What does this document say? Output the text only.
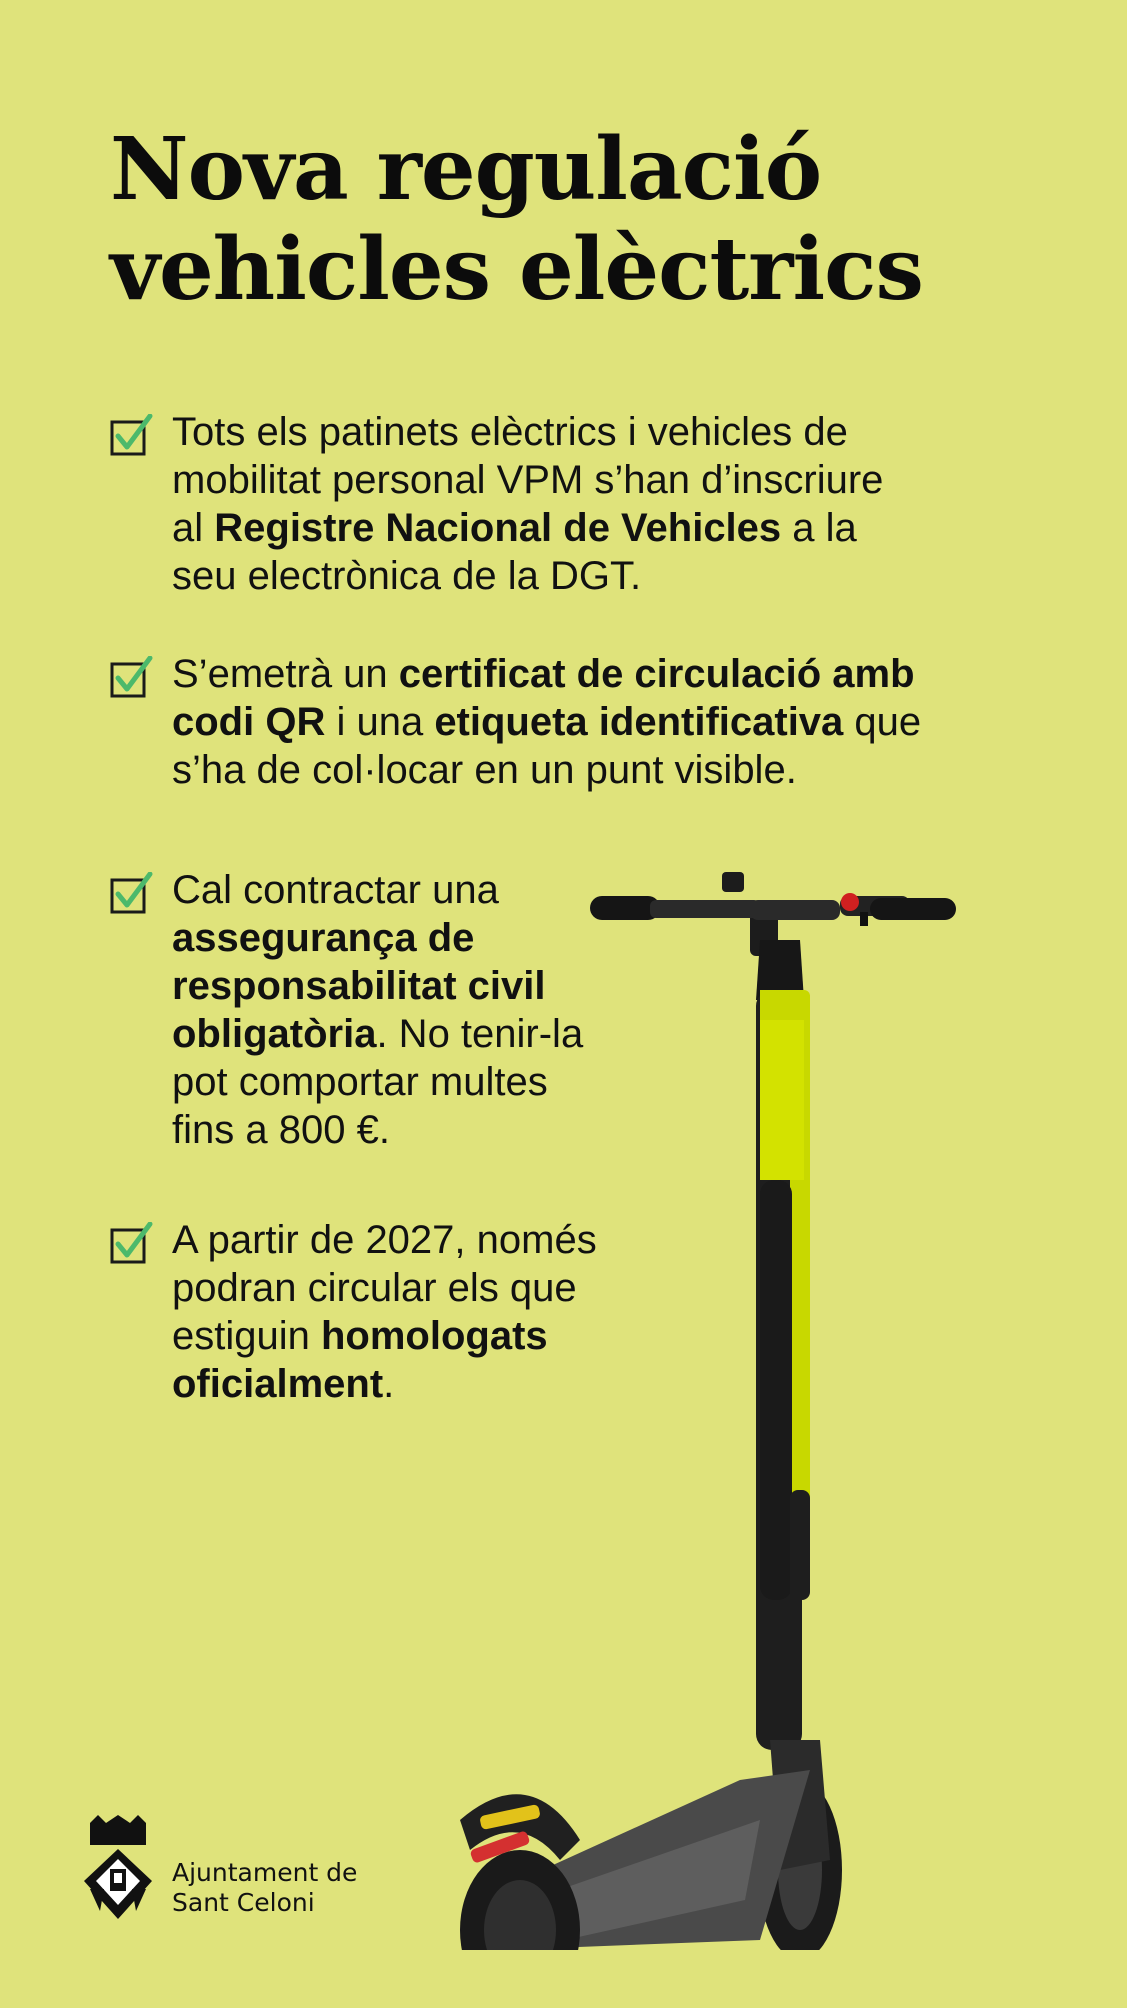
Nova regulació
vehicles elèctrics
Tots els patinets elèctrics i vehicles de
mobilitat personal VPM s’han d’inscriure
al Registre Nacional de Vehicles a la
seu electrònica de la DGT.
S’emetrà un certificat de circulació amb
codi QR i una etiqueta identificativa que
s’ha de col·locar en un punt visible.
Cal contractar una
assegurança de
responsabilitat civil
obligatòria. No tenir-la
pot comportar multes
fins a 800 €.
A partir de 2027, només
podran circular els que
estiguin homologats
oficialment.
Ajuntament de
Sant Celoni
